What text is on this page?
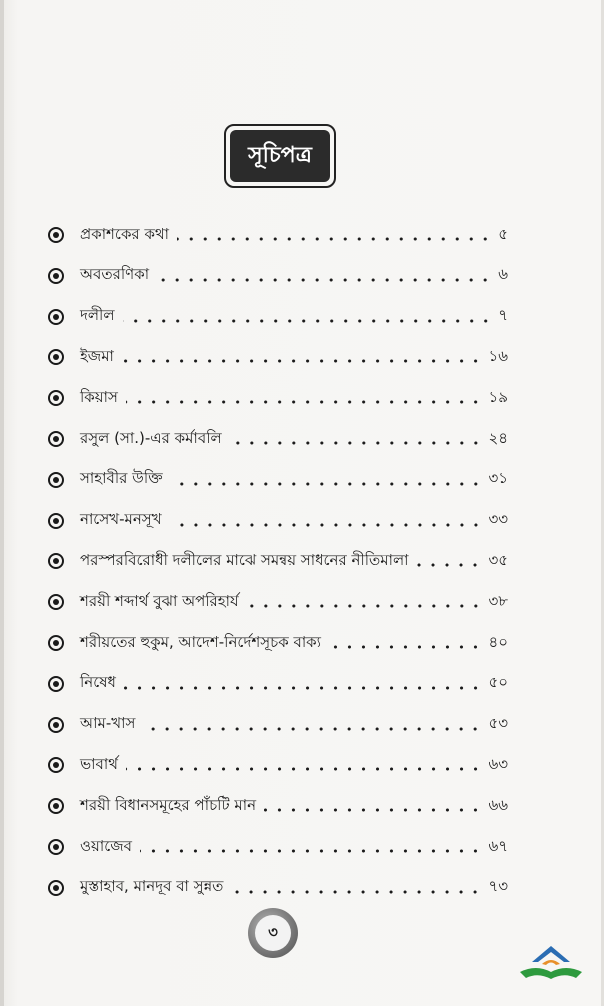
সূচিপত্র
প্রকাশকের কথা	৫
অবতরণিকা	৬
দলীল	৭
ইজমা	১৬
কিয়াস	১৯
রসুল (সা.)-এর কর্মাবলি	২৪
সাহাবীর উক্তি	৩১
নাসেখ-মনসূখ	৩৩
পরস্পরবিরোধী দলীলের মাঝে সমন্বয় সাধনের নীতিমালা	৩৫
শরয়ী শব্দার্থ বুঝা অপরিহার্য	৩৮
শরীয়তের হুকুম, আদেশ-নির্দেশসূচক বাক্য	৪০
নিষেধ	৫০
আম-খাস	৫৩
ভাবার্থ	৬৩
শরয়ী বিধানসমূহের পাঁচটি মান	৬৬
ওয়াজেব	৬৭
মুস্তাহাব, মানদূব বা সুন্নত	৭৩
৩
